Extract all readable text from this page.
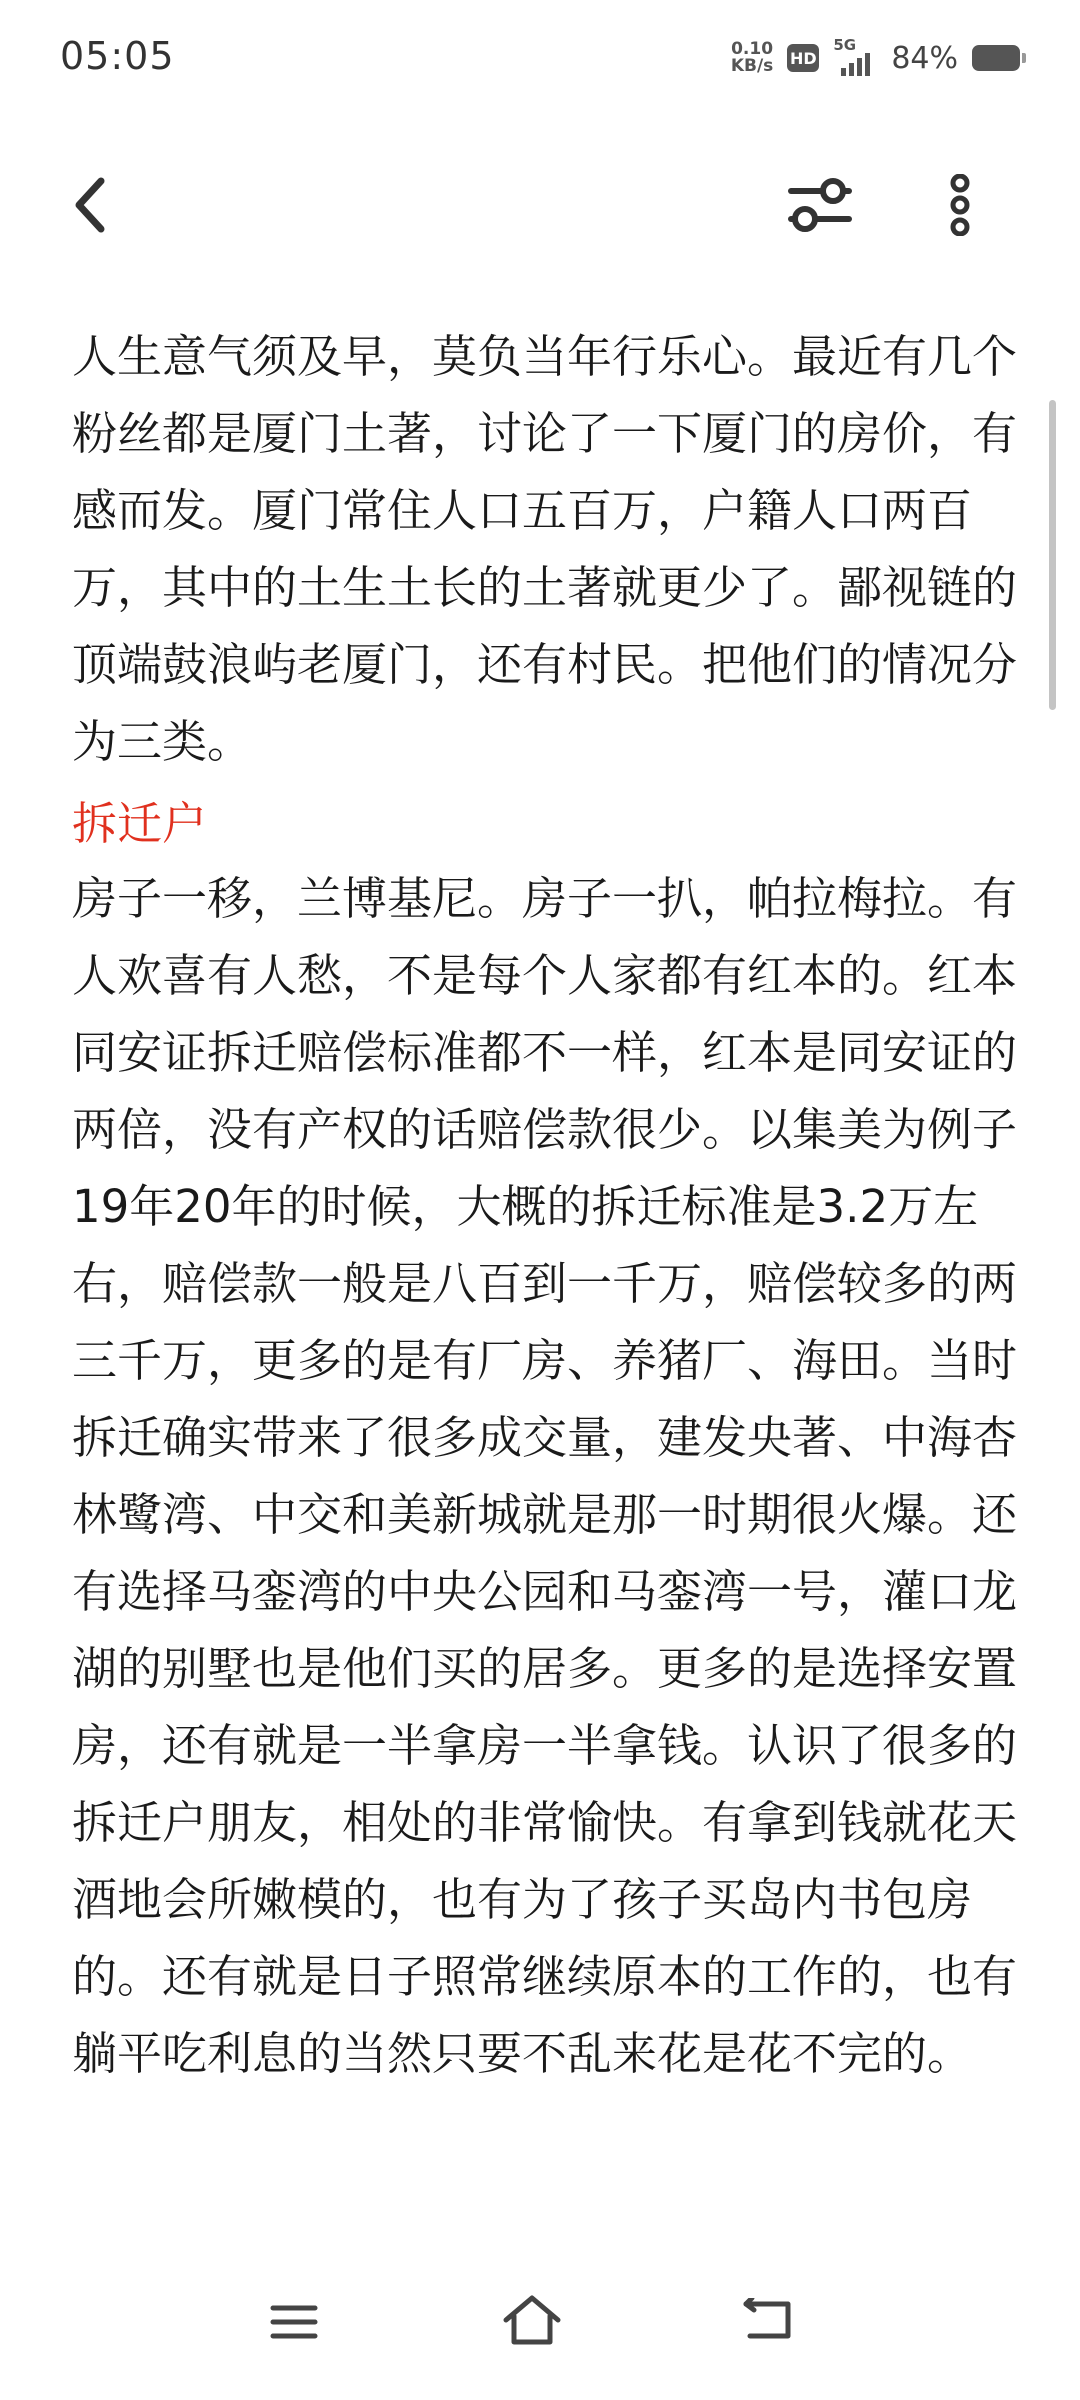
05:05	0.10
KB/s HD
5G 84%

人生意气须及早，莫负当年行乐心。最近有几个粉丝都是厦门土著，讨论了一下厦门的房价，有感而发。厦门常住人口五百万，户籍人口两百万，其中的土生土长的土著就更少了。鄙视链的顶端鼓浪屿老厦门，还有村民。把他们的情况分为三类。

拆迁户

房子一移，兰博基尼。房子一扒，帕拉梅拉。有人欢喜有人愁，不是每个人家都有红本的。红本同安证拆迁赔偿标准都不一样，红本是同安证的两倍，没有产权的话赔偿款很少。以集美为例子19年20年的时候，大概的拆迁标准是3.2万左右，赔偿款一般是八百到一千万，赔偿较多的两三千万，更多的是有厂房、养猪厂、海田。当时拆迁确实带来了很多成交量，建发央著、中海杏林鹭湾、中交和美新城就是那一时期很火爆。还有选择马銮湾的中央公园和马銮湾一号，灌口龙湖的别墅也是他们买的居多。更多的是选择安置房，还有就是一半拿房一半拿钱。认识了很多的拆迁户朋友，相处的非常愉快。有拿到钱就花天酒地会所嫩模的，也有为了孩子买岛内书包房的。还有就是日子照常继续原本的工作的，也有躺平吃利息的当然只要不乱来花是花不完的。
